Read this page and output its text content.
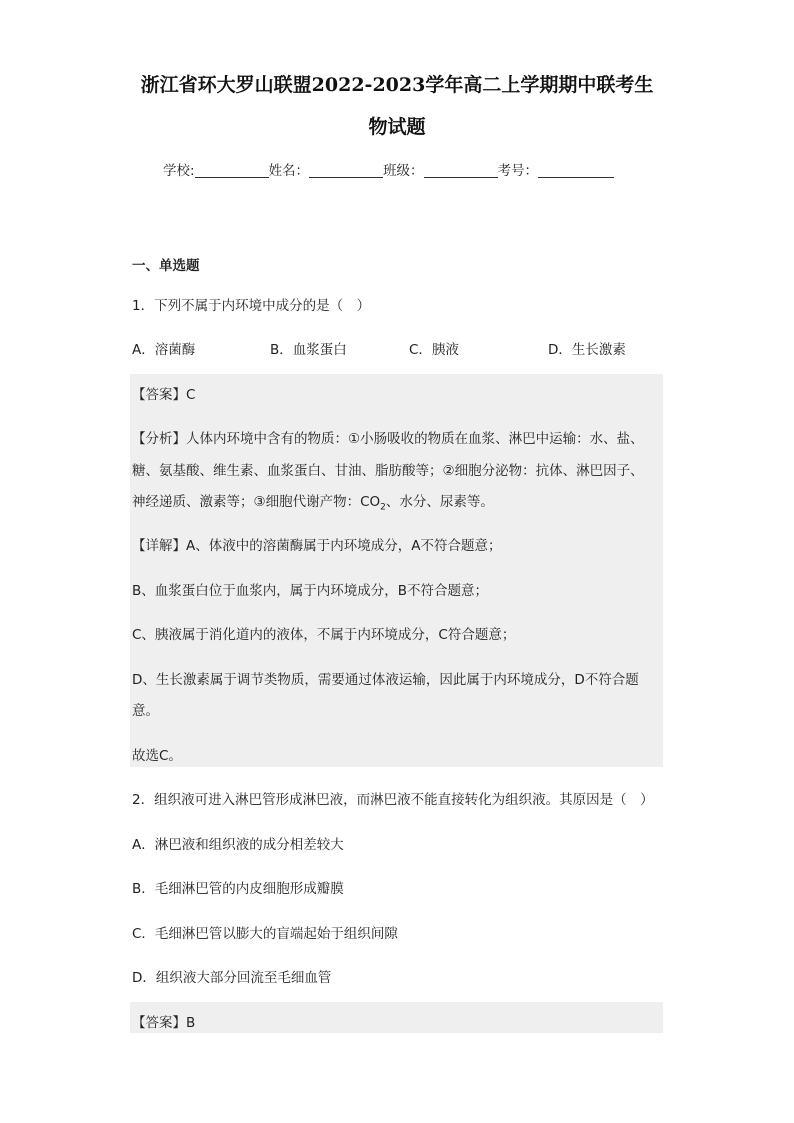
浙江省环大罗山联盟2022-2023学年高二上学期期中联考生
物试题
学校:	姓名：	班级：	考号：
一、单选题
1．下列不属于内环境中成分的是（　）
A．溶菌酶	B．血浆蛋白	C．胰液	D．生长激素
【答案】C
【分析】人体内环境中含有的物质：①小肠吸收的物质在血浆、淋巴中运输：水、盐、
糖、氨基酸、维生素、血浆蛋白、甘油、脂肪酸等；②细胞分泌物：抗体、淋巴因子、
神经递质、激素等；③细胞代谢产物：$CO_2$、水分、尿素等。
【详解】A、体液中的溶菌酶属于内环境成分，A不符合题意；
B、血浆蛋白位于血浆内，属于内环境成分，B不符合题意；
C、胰液属于消化道内的液体，不属于内环境成分，C符合题意；
D、生长激素属于调节类物质，需要通过体液运输，因此属于内环境成分，D不符合题
意。
故选C。
2．组织液可进入淋巴管形成淋巴液，而淋巴液不能直接转化为组织液。其原因是（　）
A．淋巴液和组织液的成分相差较大
B．毛细淋巴管的内皮细胞形成瓣膜
C．毛细淋巴管以膨大的盲端起始于组织间隙
D．组织液大部分回流至毛细血管
【答案】B
